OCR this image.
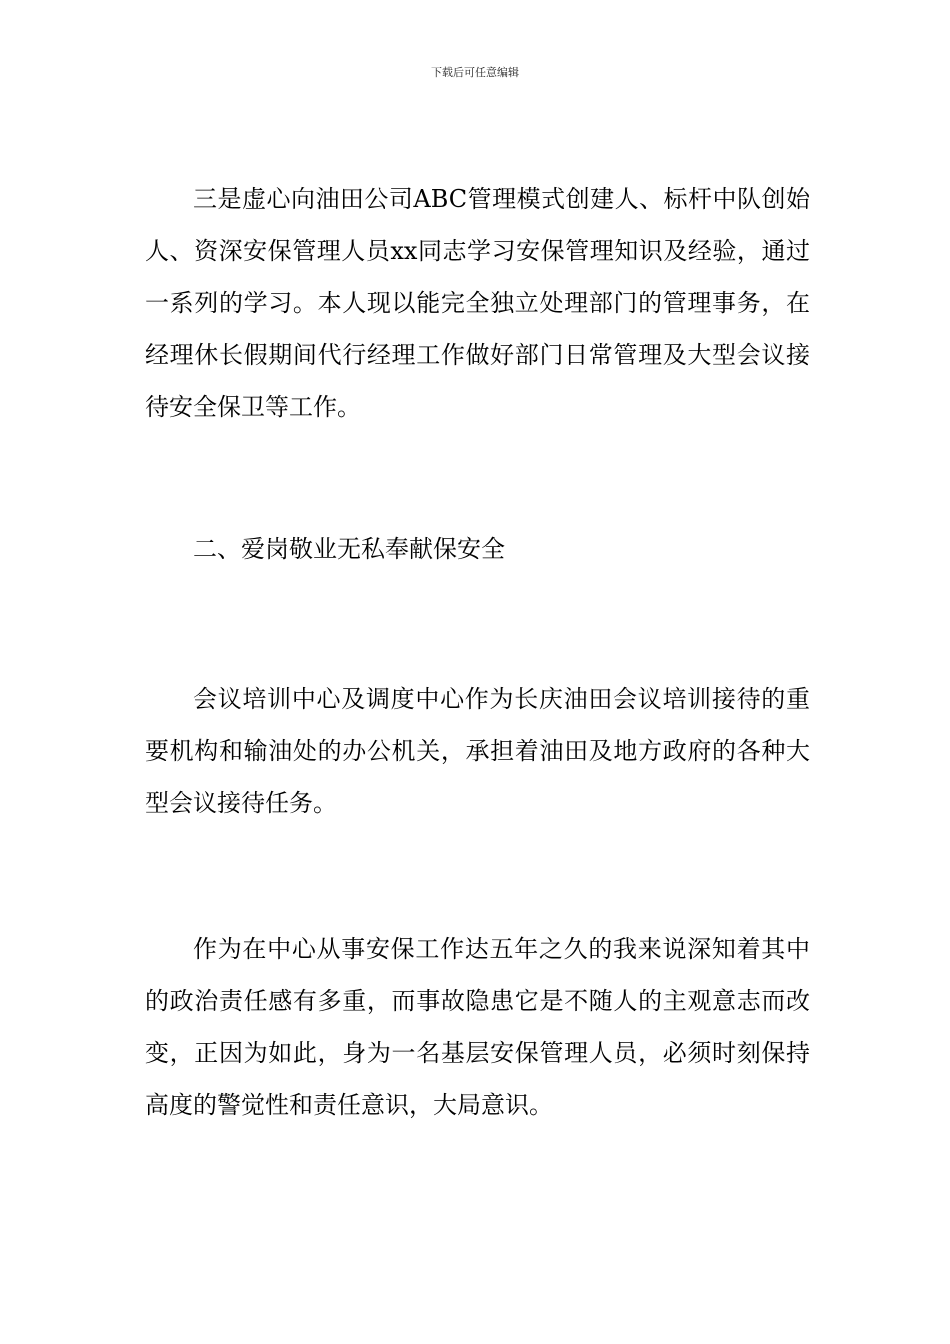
下载后可任意编辑

三是虚心向油田公司ABC管理模式创建人、标杆中队创始人、资深安保管理人员xx同志学习安保管理知识及经验，通过一系列的学习。本人现以能完全独立处理部门的管理事务，在经理休长假期间代行经理工作做好部门日常管理及大型会议接待安全保卫等工作。

二、爱岗敬业无私奉献保安全

会议培训中心及调度中心作为长庆油田会议培训接待的重要机构和输油处的办公机关，承担着油田及地方政府的各种大型会议接待任务。

作为在中心从事安保工作达五年之久的我来说深知着其中的政治责任感有多重，而事故隐患它是不随人的主观意志而改变，正因为如此，身为一名基层安保管理人员，必须时刻保持高度的警觉性和责任意识，大局意识。
